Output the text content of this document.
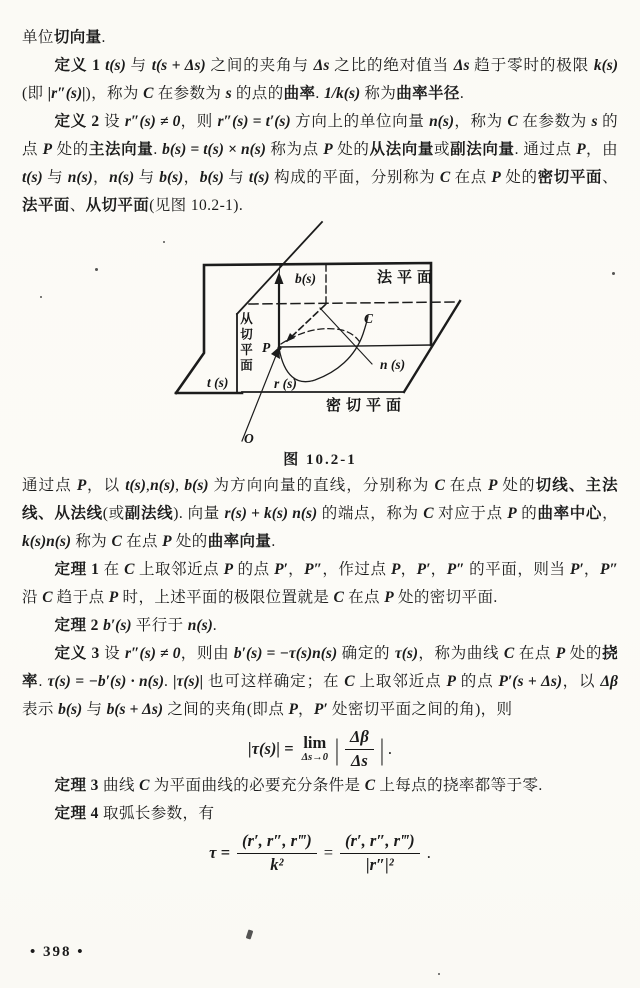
单位切向量.

定义 1 t(s) 与 t(s + Δs) 之间的夹角与 Δs 之比的绝对值当 Δs 趋于零时的极限 k(s)(即 |r″(s)|)，称为 C 在参数为 s 的点的曲率. 1/k(s) 称为曲率半径.

定义 2 设 r″(s) ≠ 0，则 r″(s) = t′(s) 方向上的单位向量 n(s)，称为 C 在参数为 s 的点 P 处的主法向量. b(s) = t(s) × n(s) 称为点 P 处的从法向量或副法向量. 通过点 P，由 t(s) 与 n(s)，n(s) 与 b(s)，b(s) 与 t(s) 构成的平面，分别称为 C 在点 P 处的密切平面、法平面、从切平面(见图 10.2-1).

b(s)	法平面
C
n (s)
P
r (s)
t (s)
密切平面
O
从切平面
图 10.2-1

通过点 P，以 t(s),n(s), b(s) 为方向向量的直线，分别称为 C 在点 P 处的切线、主法线、从法线(或副法线). 向量 r(s) + k(s) n(s) 的端点，称为 C 对应于点 P 的曲率中心，k(s)n(s) 称为 C 在点 P 处的曲率向量.

定理 1 在 C 上取邻近点 P 的点 P′，P″，作过点 P，P′，P″ 的平面，则当 P′，P″ 沿 C 趋于点 P 时，上述平面的极限位置就是 C 在点 P 处的密切平面.

定理 2 b′(s) 平行于 n(s).

定义 3 设 r″(s) ≠ 0，则由 b′(s) = −τ(s)n(s) 确定的 τ(s)，称为曲线 C 在点 P 处的挠率. τ(s) = −b′(s) · n(s). |τ(s)| 也可这样确定；在 C 上取邻近点 P 的点 P′(s + Δs)，以 Δβ 表示 b(s) 与 b(s + Δs) 之间的夹角(即点 P，P′ 处密切平面之间的角)，则

|τ(s)| = lim
Δs→0 | $\frac{\Delta\beta}{\Delta s}$ | .

定理 3 曲线 C 为平面曲线的必要充分条件是 C 上每点的挠率都等于零.

定理 4 取弧长参数，有

$\tau = \frac{(r', r'', r‴)}{\text{k²}} = \frac{(r', r'', r‴)}{\text{|r″|²}}$ .
• 398 •
